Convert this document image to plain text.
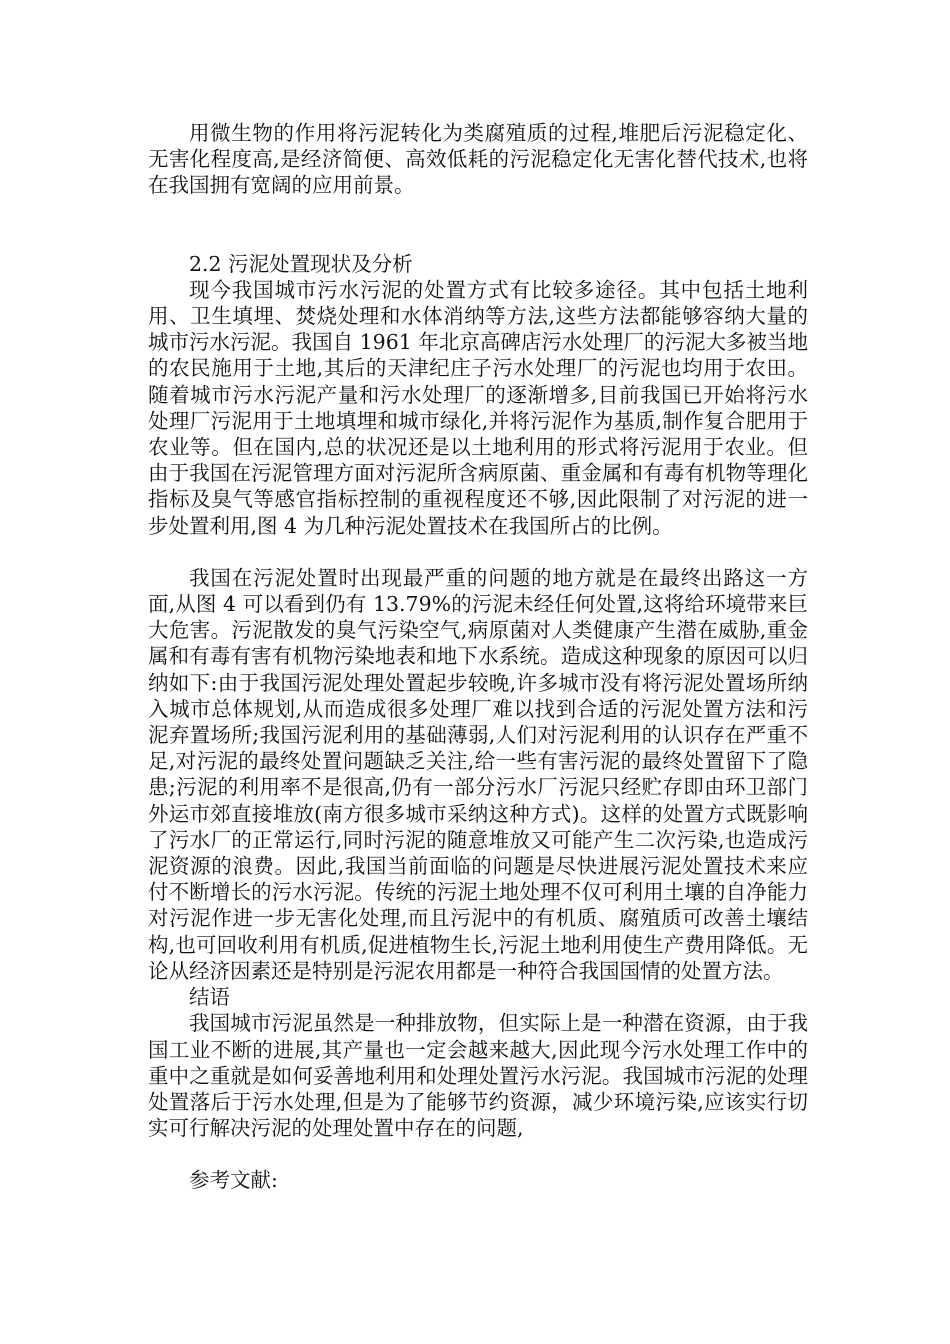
用微生物的作用将污泥转化为类腐殖质的过程,堆肥后污泥稳定化、无害化程度高,是经济简便、高效低耗的污泥稳定化无害化替代技术,也将在我国拥有宽阔的应用前景。

2.2 污泥处置现状及分析

现今我国城市污水污泥的处置方式有比较多途径。其中包括土地利用、卫生填埋、焚烧处理和水体消纳等方法,这些方法都能够容纳大量的城市污水污泥。我国自 1961 年北京高碑店污水处理厂的污泥大多被当地的农民施用于土地,其后的天津纪庄子污水处理厂的污泥也均用于农田。随着城市污水污泥产量和污水处理厂的逐渐增多,目前我国已开始将污水处理厂污泥用于土地填埋和城市绿化,并将污泥作为基质,制作复合肥用于农业等。但在国内,总的状况还是以土地利用的形式将污泥用于农业。但由于我国在污泥管理方面对污泥所含病原菌、重金属和有毒有机物等理化指标及臭气等感官指标控制的重视程度还不够,因此限制了对污泥的进一步处置利用,图 4 为几种污泥处置技术在我国所占的比例。

我国在污泥处置时出现最严重的问题的地方就是在最终出路这一方面,从图 4 可以看到仍有 13.79%的污泥未经任何处置,这将给环境带来巨大危害。污泥散发的臭气污染空气,病原菌对人类健康产生潜在威胁,重金属和有毒有害有机物污染地表和地下水系统。造成这种现象的原因可以归纳如下:由于我国污泥处理处置起步较晚,许多城市没有将污泥处置场所纳入城市总体规划,从而造成很多处理厂难以找到合适的污泥处置方法和污泥弃置场所;我国污泥利用的基础薄弱,人们对污泥利用的认识存在严重不足,对污泥的最终处置问题缺乏关注,给一些有害污泥的最终处置留下了隐患;污泥的利用率不是很高,仍有一部分污水厂污泥只经贮存即由环卫部门外运市郊直接堆放(南方很多城市采纳这种方式)。这样的处置方式既影响了污水厂的正常运行,同时污泥的随意堆放又可能产生二次污染,也造成污泥资源的浪费。因此,我国当前面临的问题是尽快进展污泥处置技术来应付不断增长的污水污泥。传统的污泥土地处理不仅可利用土壤的自净能力对污泥作进一步无害化处理,而且污泥中的有机质、腐殖质可改善土壤结构,也可回收利用有机质,促进植物生长,污泥土地利用使生产费用降低。无论从经济因素还是特别是污泥农用都是一种符合我国国情的处置方法。

结语

我国城市污泥虽然是一种排放物，但实际上是一种潜在资源，由于我国工业不断的进展,其产量也一定会越来越大,因此现今污水处理工作中的重中之重就是如何妥善地利用和处理处置污水污泥。我国城市污泥的处理处置落后于污水处理,但是为了能够节约资源，减少环境污染,应该实行切实可行解决污泥的处理处置中存在的问题,

参考文献:
